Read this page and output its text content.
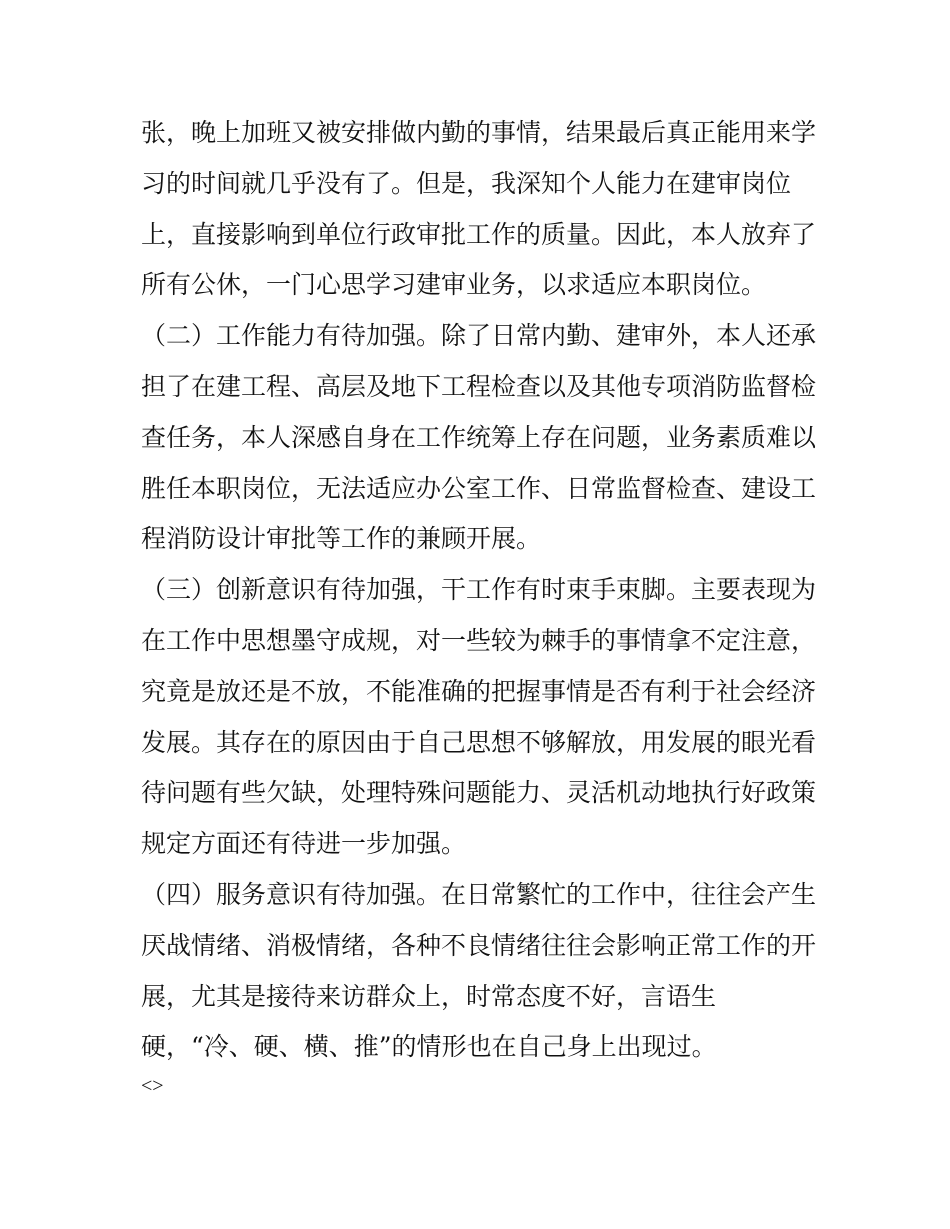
张，晚上加班又被安排做内勤的事情，结果最后真正能用来学
习的时间就几乎没有了。但是，我深知个人能力在建审岗位
上，直接影响到单位行政审批工作的质量。因此，本人放弃了
所有公休，一门心思学习建审业务，以求适应本职岗位。
（二）工作能力有待加强。除了日常内勤、建审外，本人还承
担了在建工程、高层及地下工程检查以及其他专项消防监督检
查任务，本人深感自身在工作统筹上存在问题，业务素质难以
胜任本职岗位，无法适应办公室工作、日常监督检查、建设工
程消防设计审批等工作的兼顾开展。
（三）创新意识有待加强，干工作有时束手束脚。主要表现为
在工作中思想墨守成规，对一些较为棘手的事情拿不定注意，
究竟是放还是不放，不能准确的把握事情是否有利于社会经济
发展。其存在的原因由于自己思想不够解放，用发展的眼光看
待问题有些欠缺，处理特殊问题能力、灵活机动地执行好政策
规定方面还有待进一步加强。
（四）服务意识有待加强。在日常繁忙的工作中，往往会产生
厌战情绪、消极情绪，各种不良情绪往往会影响正常工作的开
展，尤其是接待来访群众上，时常态度不好，言语生
硬，“冷、硬、横、推”的情形也在自己身上出现过。
<>
